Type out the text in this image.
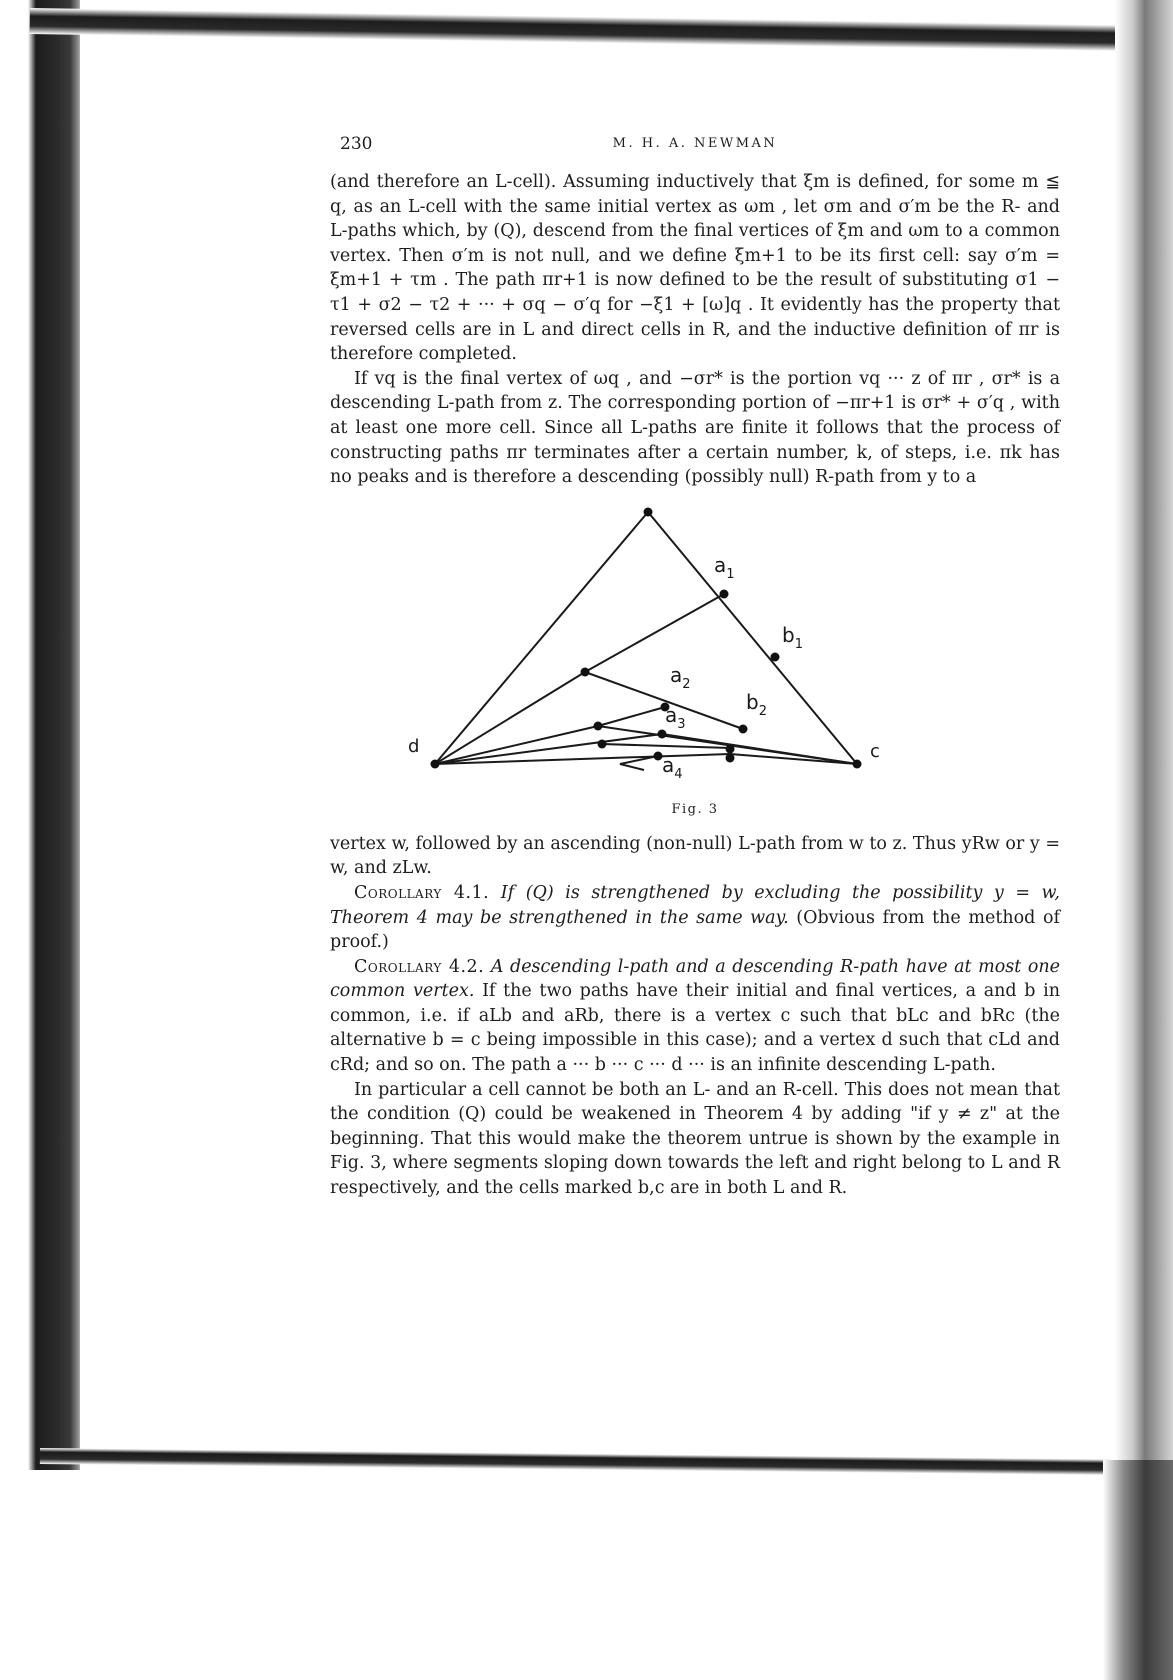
230	M. H. A. NEWMAN

(and therefore an L-cell). Assuming inductively that ξm is defined, for some m ≦ q, as an L-cell with the same initial vertex as ωm , let σm and σ′m be the R- and L-paths which, by (Q), descend from the final vertices of ξm and ωm to a common vertex. Then σ′m is not null, and we define ξm+1 to be its first cell: say σ′m = ξm+1 + τm . The path πr+1 is now defined to be the result of substituting σ1 − τ1 + σ2 − τ2 + ··· + σq − σ′q for −ξ1 + [ω]q . It evidently has the property that reversed cells are in L and direct cells in R, and the inductive definition of πr is therefore completed.

If vq is the final vertex of ωq , and −σr* is the portion vq ··· z of πr , σr* is a descending L-path from z. The corresponding portion of −πr+1 is σr* + σ′q , with at least one more cell. Since all L-paths are finite it follows that the process of constructing paths πr terminates after a certain number, k, of steps, i.e. πk has no peaks and is therefore a descending (possibly null) R-path from y to a

$a_1$
$b_1$
$a_2$
$b_2$
$a_3$
$a_4$
c
d
Fig. 3

vertex w, followed by an ascending (non-null) L-path from w to z. Thus yRw or y = w, and zLw.

Corollary 4.1. If (Q) is strengthened by excluding the possibility y = w, Theorem 4 may be strengthened in the same way. (Obvious from the method of proof.)

Corollary 4.2. A descending l-path and a descending R-path have at most one common vertex. If the two paths have their initial and final vertices, a and b in common, i.e. if aLb and aRb, there is a vertex c such that bLc and bRc (the alternative b = c being impossible in this case); and a vertex d such that cLd and cRd; and so on. The path a ··· b ··· c ··· d ··· is an infinite descending L-path.

In particular a cell cannot be both an L- and an R-cell. This does not mean that the condition (Q) could be weakened in Theorem 4 by adding "if y ≠ z" at the beginning. That this would make the theorem untrue is shown by the example in Fig. 3, where segments sloping down towards the left and right belong to L and R respectively, and the cells marked b,c are in both L and R.
